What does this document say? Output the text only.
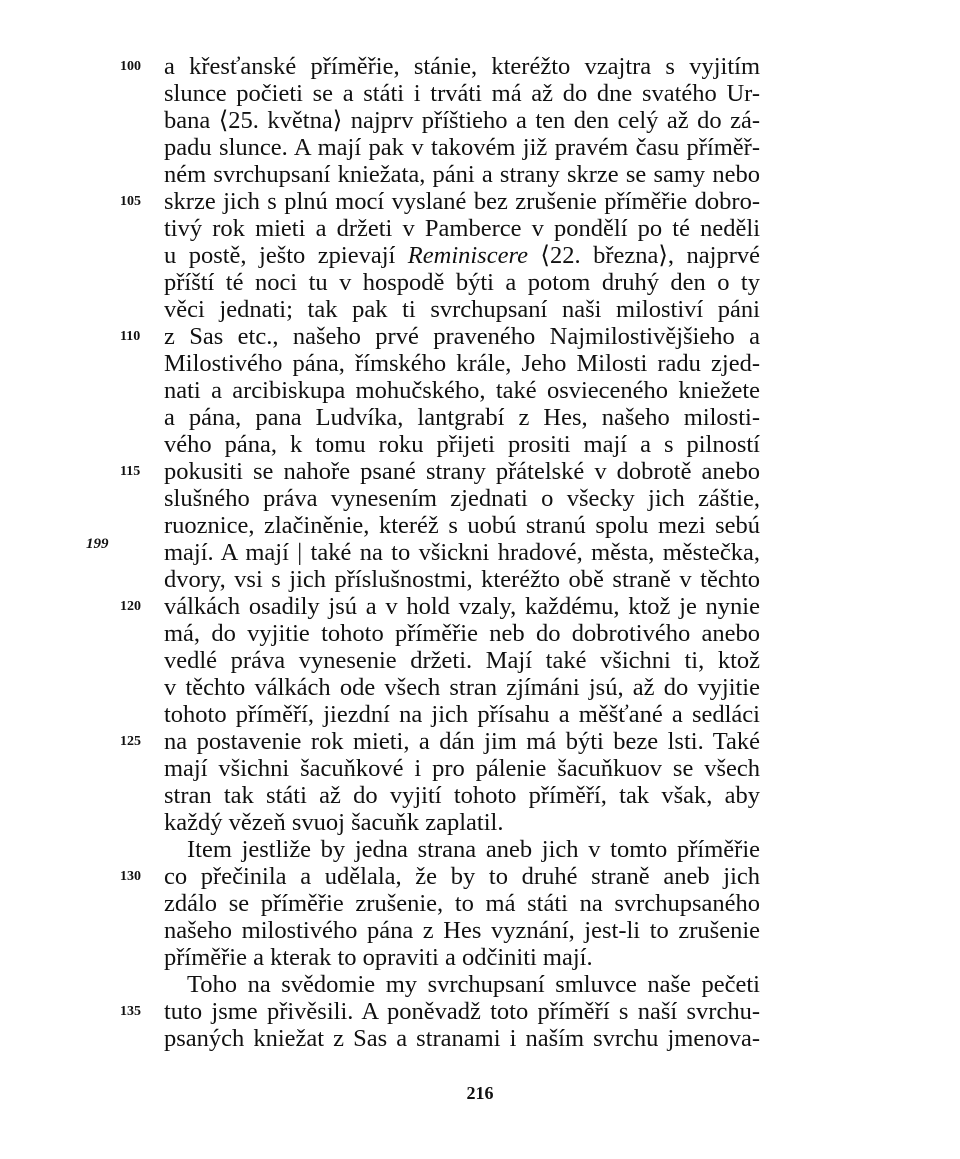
100
105
110
115
199
120
125
130
135
a křesťanské příměřie, stánie, kteréžto vzajtra s vyjitím
slunce počieti se a státi i trváti má až do dne svatého Ur-
bana ⟨25. května⟩ najprv příštieho a ten den celý až do zá-
padu slunce. A mají pak v takovém již pravém času příměř-
ném svrchupsaní kniežata, páni a strany skrze se samy nebo
skrze jich s plnú mocí vyslané bez zrušenie příměřie dobro-
tivý rok mieti a držeti v Pamberce v pondělí po té neděli
u postě, ješto zpievají Reminiscere ⟨22. března⟩, najprvé
příští té noci tu v hospodě býti a potom druhý den o ty
věci jednati; tak pak ti svrchupsaní naši milostiví páni
z Sas etc., našeho prvé praveného Najmilostivějšieho a
Milostivého pána, římského krále, Jeho Milosti radu zjed-
nati a arcibiskupa mohučského, také osvieceného kniežete
a pána, pana Ludvíka, lantgrabí z Hes, našeho milosti-
vého pána, k tomu roku přijeti prositi mají a s pilností
pokusiti se nahoře psané strany přátelské v dobrotě anebo
slušného práva vynesením zjednati o všecky jich záštie,
ruoznice, zlačiněnie, kteréž s uobú stranú spolu mezi sebú
mají. A mají | také na to všickni hradové, města, městečka,
dvory, vsi s jich příslušnostmi, kteréžto obě straně v těchto
válkách osadily jsú a v hold vzaly, každému, ktož je nynie
má, do vyjitie tohoto příměřie neb do dobrotivého anebo
vedlé práva vynesenie držeti. Mají také všichni ti, ktož
v těchto válkách ode všech stran zjímáni jsú, až do vyjitie
tohoto příměří, jiezdní na jich přísahu a měšťané a sedláci
na postavenie rok mieti, a dán jim má býti beze lsti. Také
mají všichni šacuňkové i pro pálenie šacuňkuov se všech
stran tak státi až do vyjití tohoto příměří, tak však, aby
každý vězeň svuoj šacuňk zaplatil.
Item jestliže by jedna strana aneb jich v tomto příměřie
co přečinila a udělala, že by to druhé straně aneb jich
zdálo se příměřie zrušenie, to má státi na svrchupsaného
našeho milostivého pána z Hes vyznání, jest-li to zrušenie
příměřie a kterak to opraviti a odčiniti mají.
Toho na svědomie my svrchupsaní smluvce naše pečeti
tuto jsme přivěsili. A poněvadž toto příměří s naší svrchu-
psaných kniežat z Sas a stranami i naším svrchu jmenova-
216
